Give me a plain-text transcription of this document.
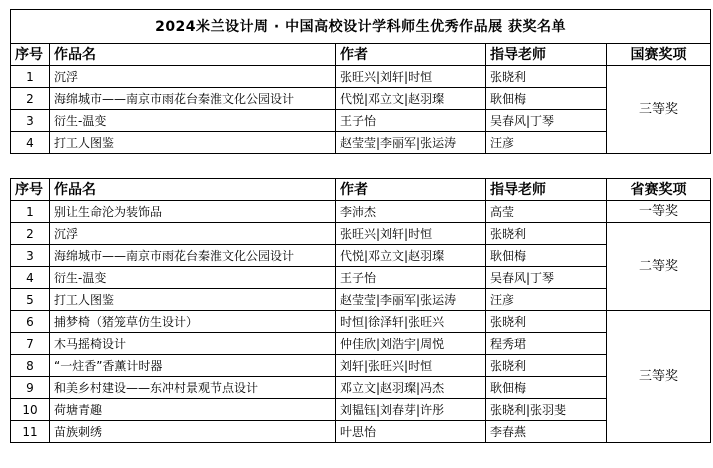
2024米兰设计周 · 中国高校设计学科师生优秀作品展 获奖名单				
序号	作品名	作者	指导老师	国赛奖项
1	沉浮	张旺兴|刘轩|时恒	张晓利	三等奖
2	海绵城市——南京市雨花台秦淮文化公园设计	代悦|邓立文|赵羽璨	耿佃梅	
3	衍生-温变	王子怡	吴春风|丁琴	
4	打工人图鉴	赵莹莹|李丽军|张运涛	汪彦	
序号	作品名	作者	指导老师	省赛奖项
1	别让生命沦为装饰品	李沛杰	高莹	一等奖
2	沉浮	张旺兴|刘轩|时恒	张晓利	二等奖
3	海绵城市——南京市雨花台秦淮文化公园设计	代悦|邓立文|赵羽璨	耿佃梅	
4	衍生-温变	王子怡	吴春风|丁琴	
5	打工人图鉴	赵莹莹|李丽军|张运涛	汪彦	
6	捕梦椅（猪笼草仿生设计）	时恒|徐泽轩|张旺兴	张晓利	三等奖
7	木马摇椅设计	仲佳欣|刘浩宇|周悦	程秀珺	
8	“一炷香”香薰计时器	刘轩|张旺兴|时恒	张晓利	
9	和美乡村建设——东冲村景观节点设计	邓立文|赵羽璨|冯杰	耿佃梅	
10	荷塘青趣	刘韫钰|刘春芽|许彤	张晓利|张羽斐	
11	苗族刺绣	叶思怡	李春燕	
